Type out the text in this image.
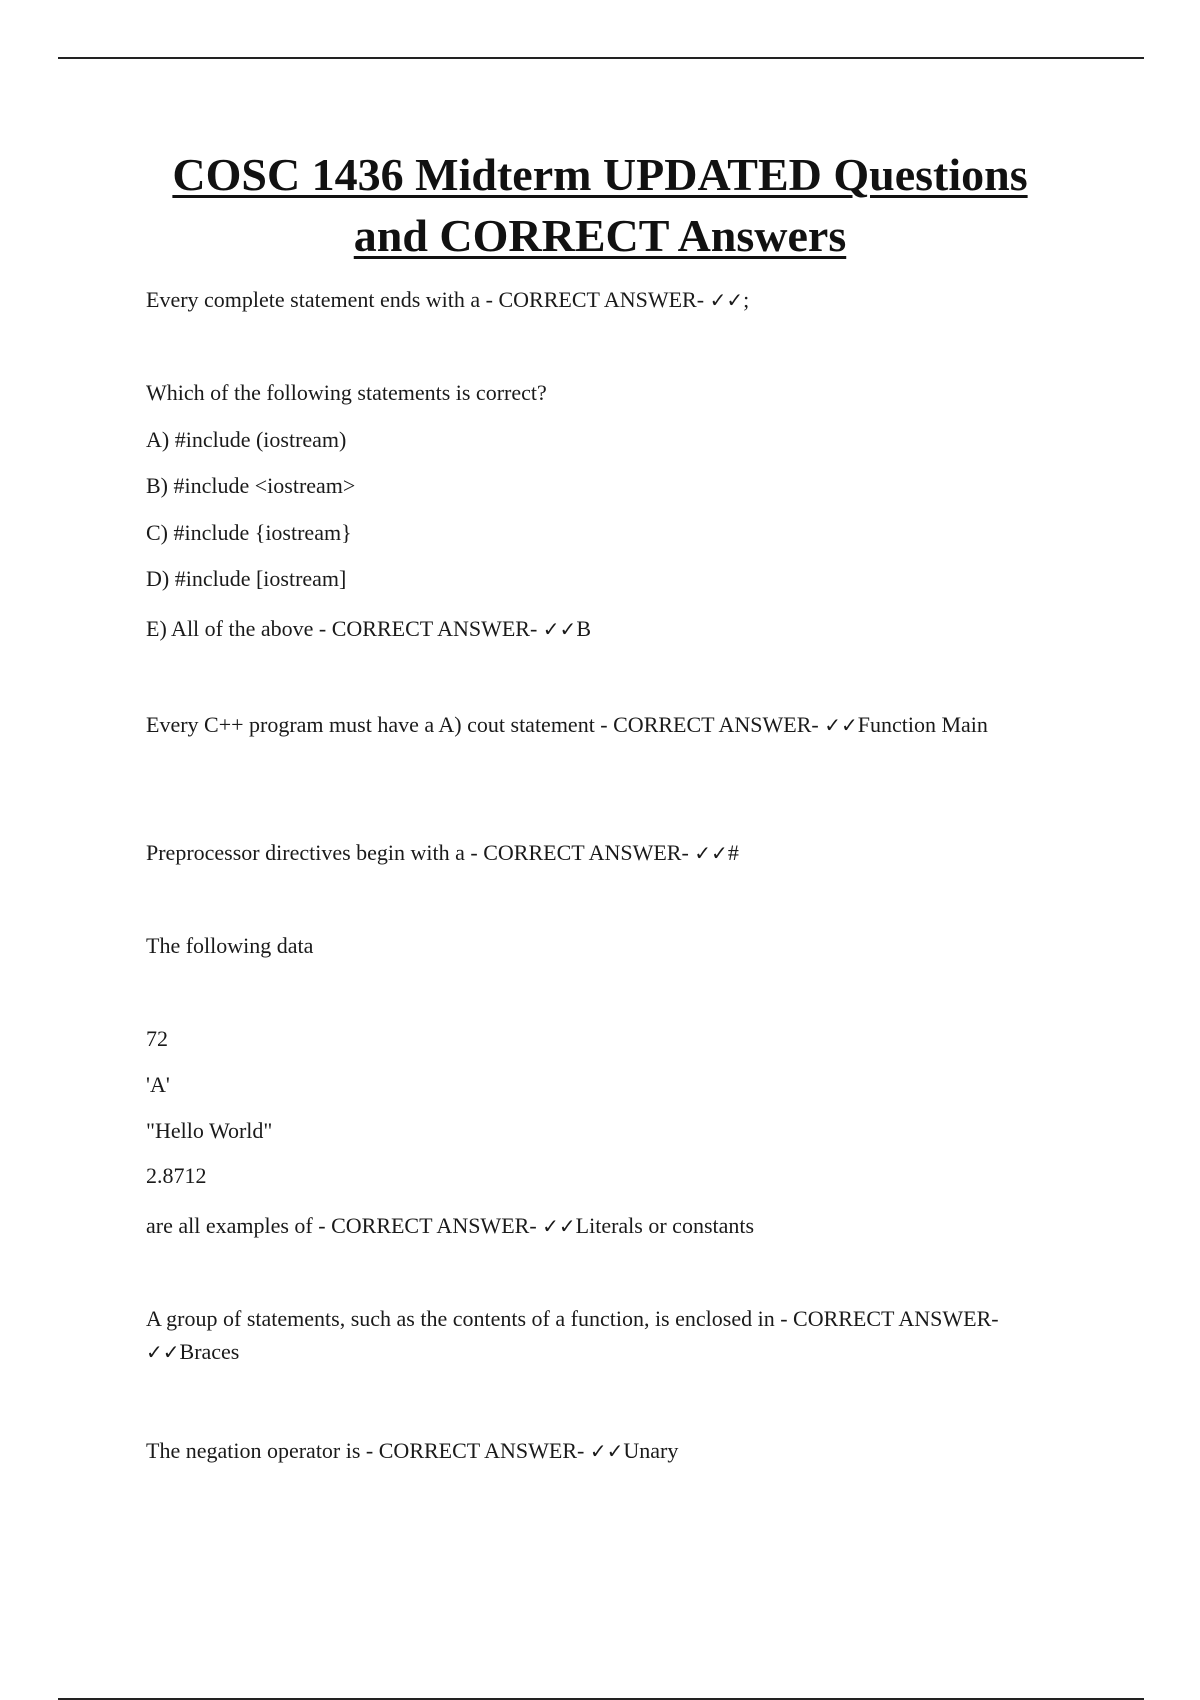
COSC 1436 Midterm UPDATED Questions
and CORRECT Answers
Every complete statement ends with a - CORRECT ANSWER- ✓✓;
Which of the following statements is correct?
A) #include (iostream)
B) #include <iostream>
C) #include {iostream}
D) #include [iostream]
E) All of the above - CORRECT ANSWER- ✓✓B
Every C++ program must have a A) cout statement - CORRECT ANSWER- ✓✓Function Main
Preprocessor directives begin with a - CORRECT ANSWER- ✓✓#
The following data
72
'A'
"Hello World"
2.8712
are all examples of - CORRECT ANSWER- ✓✓Literals or constants
A group of statements, such as the contents of a function, is enclosed in - CORRECT ANSWER- ✓✓Braces
The negation operator is - CORRECT ANSWER- ✓✓Unary
